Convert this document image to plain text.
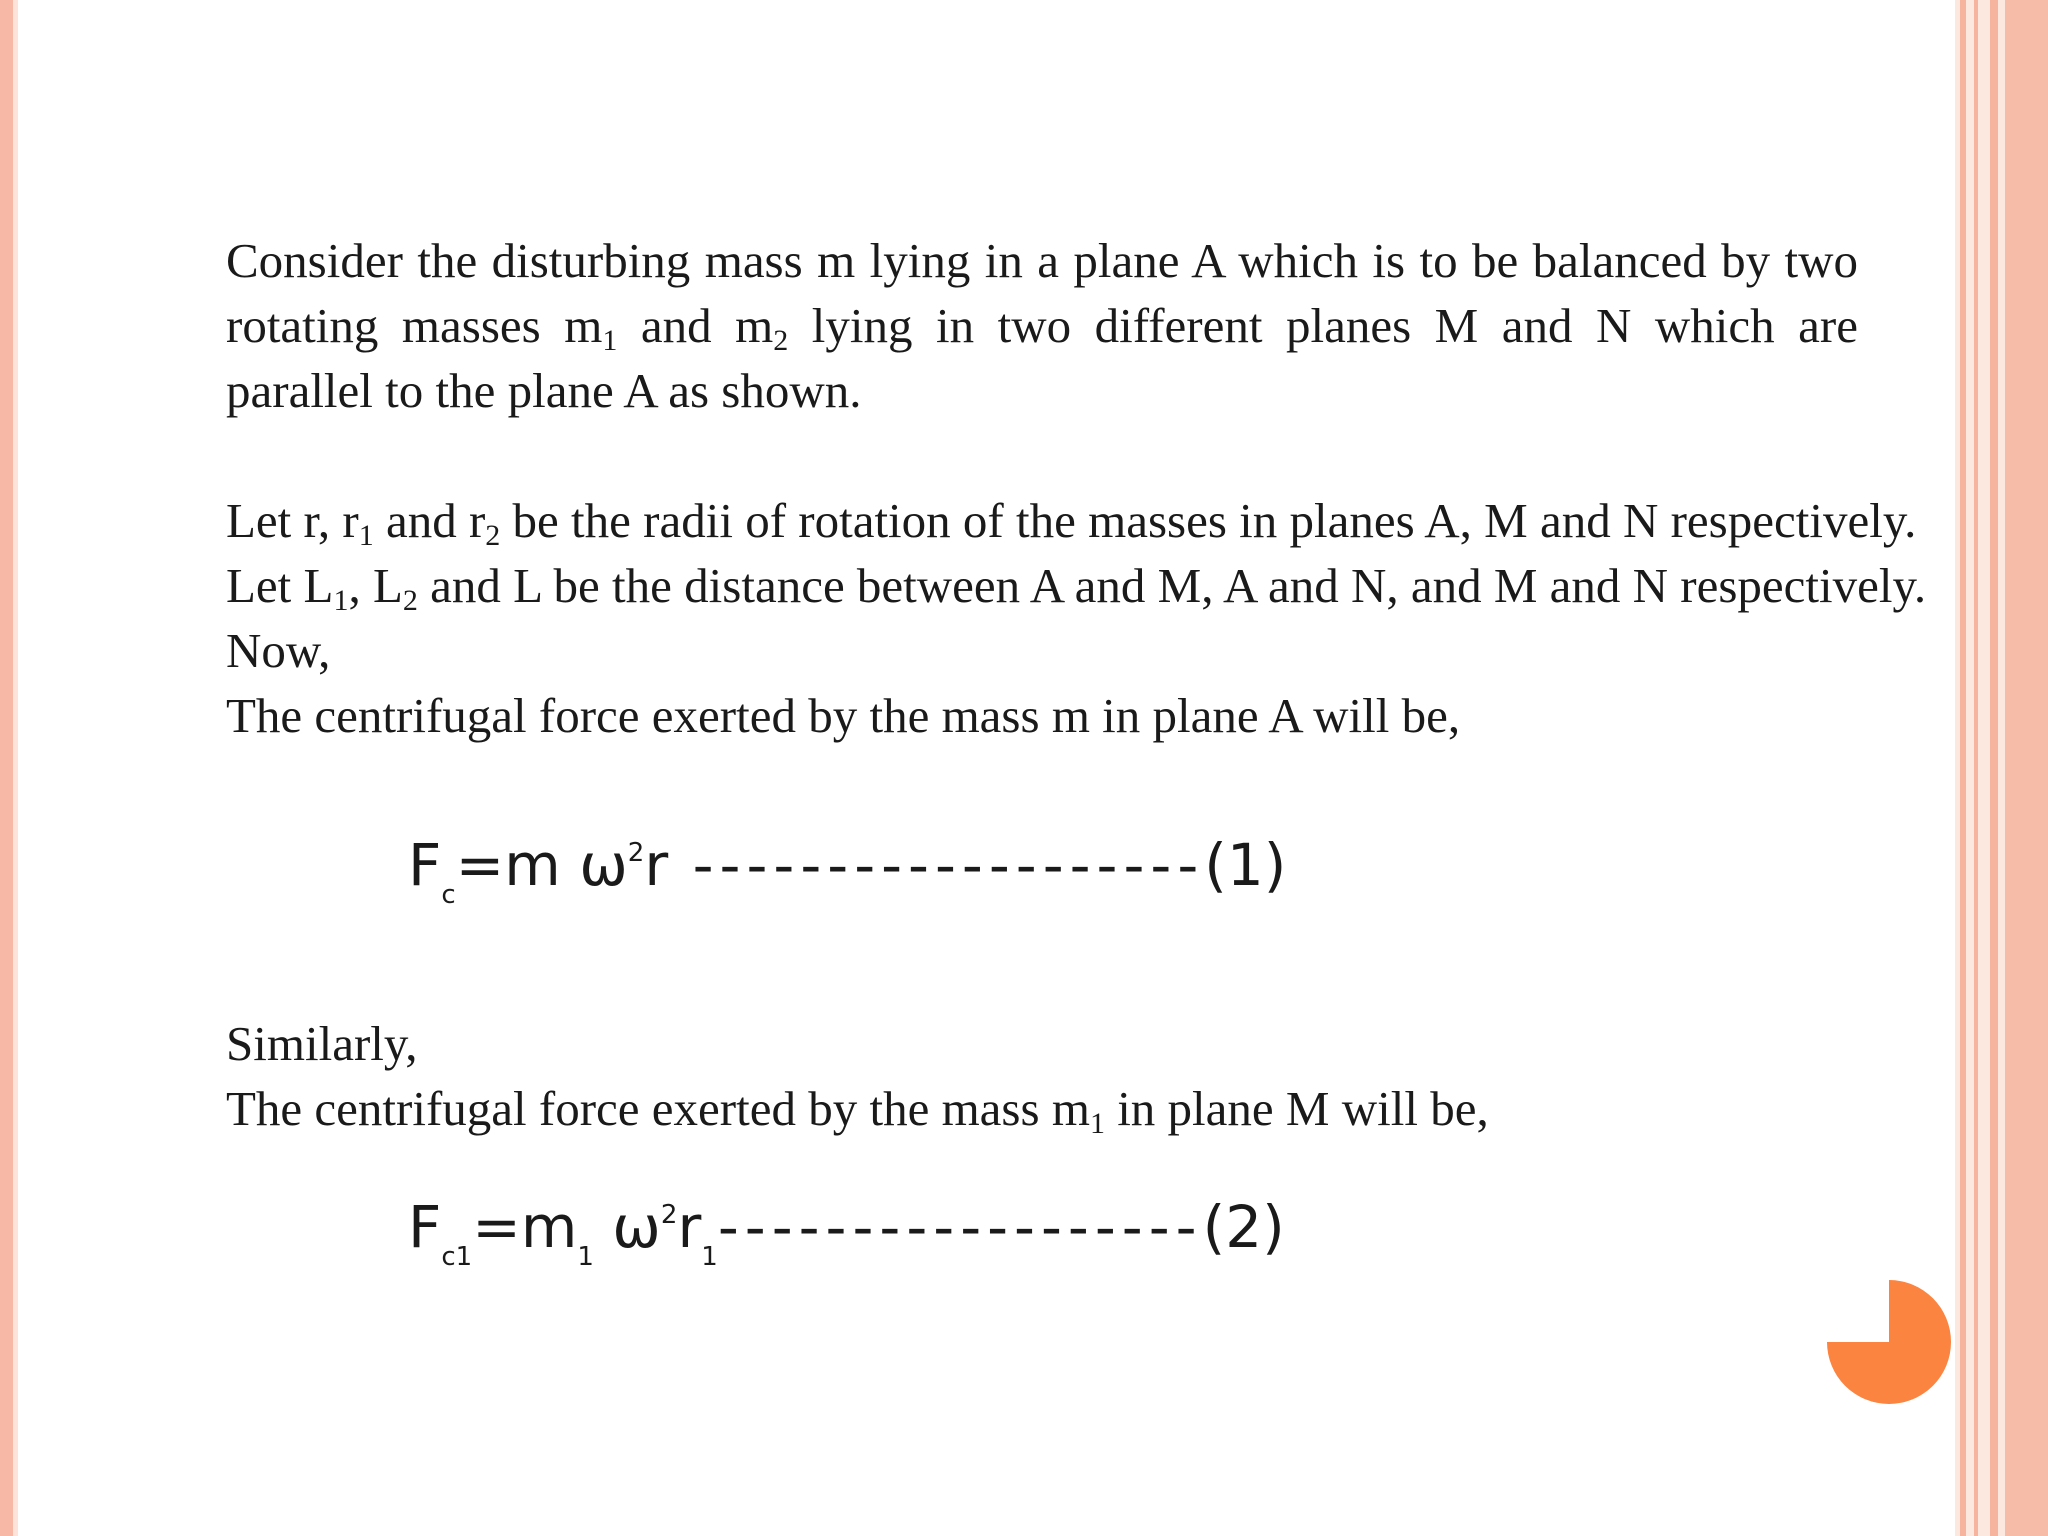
Consider the disturbing mass m lying in a plane A which is to be balanced by two rotating masses $m_1$ and $m_2$ lying in two different planes M and N which are parallel to the plane A as shown.

Let r, $r_1$ and $r_2$ be the radii of rotation of the masses in planes A, M and N respectively.

Let $L_1$, $L_2$ and L be the distance between A and M, A and N, and M and N respectively.

Now,

The centrifugal force exerted by the mass m in plane A will be,

Similarly,

The centrifugal force exerted by the mass $m_1$ in plane M will be,

$F_c=m$ $\omega^2r$ -------------------(1)
$F_{c1}=m_1$ $\omega^2r_1------------------(2)$
